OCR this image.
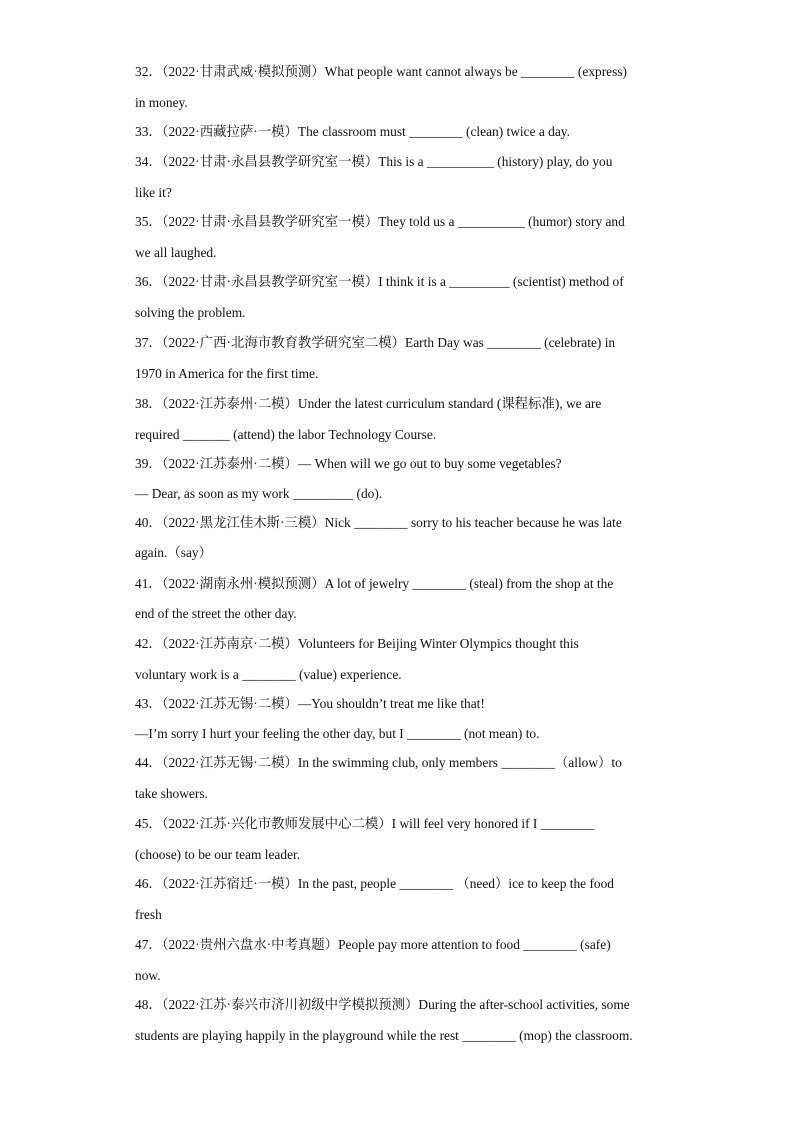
32．（2022·甘肃武威·模拟预测）What people want cannot always be ________ (express)
in money.
33．（2022·西藏拉萨·一模）The classroom must ________ (clean) twice a day.
34．（2022·甘肃·永昌县教学研究室一模）This is a __________ (history) play, do you
like it?
35．（2022·甘肃·永昌县教学研究室一模）They told us a __________ (humor) story and
we all laughed.
36．（2022·甘肃·永昌县教学研究室一模）I think it is a _________ (scientist) method of
solving the problem.
37．（2022·广西·北海市教育教学研究室二模）Earth Day was ________ (celebrate) in
1970 in America for the first time.
38．（2022·江苏泰州·二模）Under the latest curriculum standard (课程标准), we are
required _______ (attend) the labor Technology Course.
39．（2022·江苏泰州·二模）— When will we go out to buy some vegetables?
— Dear, as soon as my work _________ (do).
40．（2022·黑龙江佳木斯·三模）Nick ________ sorry to his teacher because he was late
again.（say）
41．（2022·湖南永州·模拟预测）A lot of jewelry ________ (steal) from the shop at the
end of the street the other day.
42．（2022·江苏南京·二模）Volunteers for Beijing Winter Olympics thought this
voluntary work is a ________ (value) experience.
43．（2022·江苏无锡·二模）—You shouldn’t treat me like that!
—I’m sorry I hurt your feeling the other day, but I ________ (not mean) to.
44．（2022·江苏无锡·二模）In the swimming club, only members ________（allow）to
take showers.
45．（2022·江苏·兴化市教师发展中心二模）I will feel very honored if I ________
(choose) to be our team leader.
46．（2022·江苏宿迁·一模）In the past, people ________ （need）ice to keep the food
fresh
47．（2022·贵州六盘水·中考真题）People pay more attention to food ________ (safe)
now.
48．（2022·江苏·泰兴市济川初级中学模拟预测）During the after-school activities, some
students are playing happily in the playground while the rest ________ (mop) the classroom.
